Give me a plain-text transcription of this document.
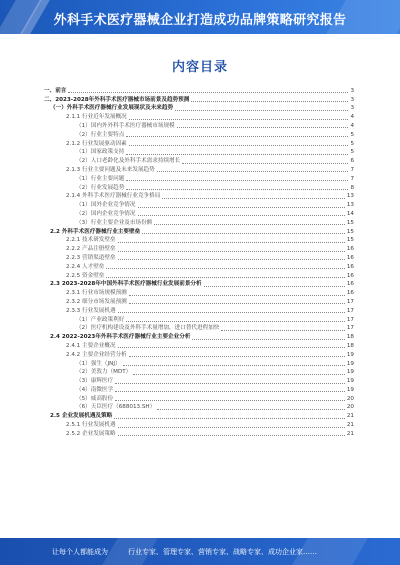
外科手术医疗器械企业打造成功品牌策略研究报告
内容目录
一、前言	3
二、2023-2028年外科手术医疗器械市场前景及趋势预测	3
（一）外科手术医疗器械行业发展现状及未来趋势	3
2.1.1 行业近年发展概况	4
（1）国内外外科手术医疗器械市场规模	4
（2）行业主要特点	5
2.1.2 行业发展驱动因素	5
（1）国家政策支持	5
（2）人口老龄化及外科手术需求持续增长	6
2.1.3 行业主要问题及未来发展趋势	7
（1）行业主要问题	7
（2）行业发展趋势	8
2.1.4 外科手术医疗器械行业竞争格局	13
（1）国外企业竞争情况	13
（2）国内企业竞争情况	14
（3）行业主要企业及市场份额	15
2.2 外科手术医疗器械行业主要壁垒	15
2.2.1 技术研发壁垒	15
2.2.2 产品注册壁垒	16
2.2.3 营销渠道壁垒	16
2.2.4 人才壁垒	16
2.2.5 资金壁垒	16
2.3 2023-2028年中国外科手术医疗器械行业发展前景分析	16
2.3.1 行业市场规模预测	16
2.3.2 细分市场发展预测	17
2.3.3 行业发展机遇	17
（1）产业政策利好	17
（2）医疗机构建设及外科手术量增加，进口替代进程加快	17
2.4 2022-2023年外科手术医疗器械行业主要企业分析	18
2.4.1 主要企业概况	18
2.4.2 主要企业经营分析	19
（1）强生（JNJ）	19
（2）美敦力（MDT）	19
（3）康辉医疗	19
（4）南微医学	19
（5）威高股份	20
（6）天臣医疗（688013.SH）	20
2.5 企业发展机遇及策略	21
2.5.1 行业发展机遇	21
2.5.2 企业发展策略	21
让每个人都能成为	行业专家、管理专家、营销专家、战略专家、成功企业家……
